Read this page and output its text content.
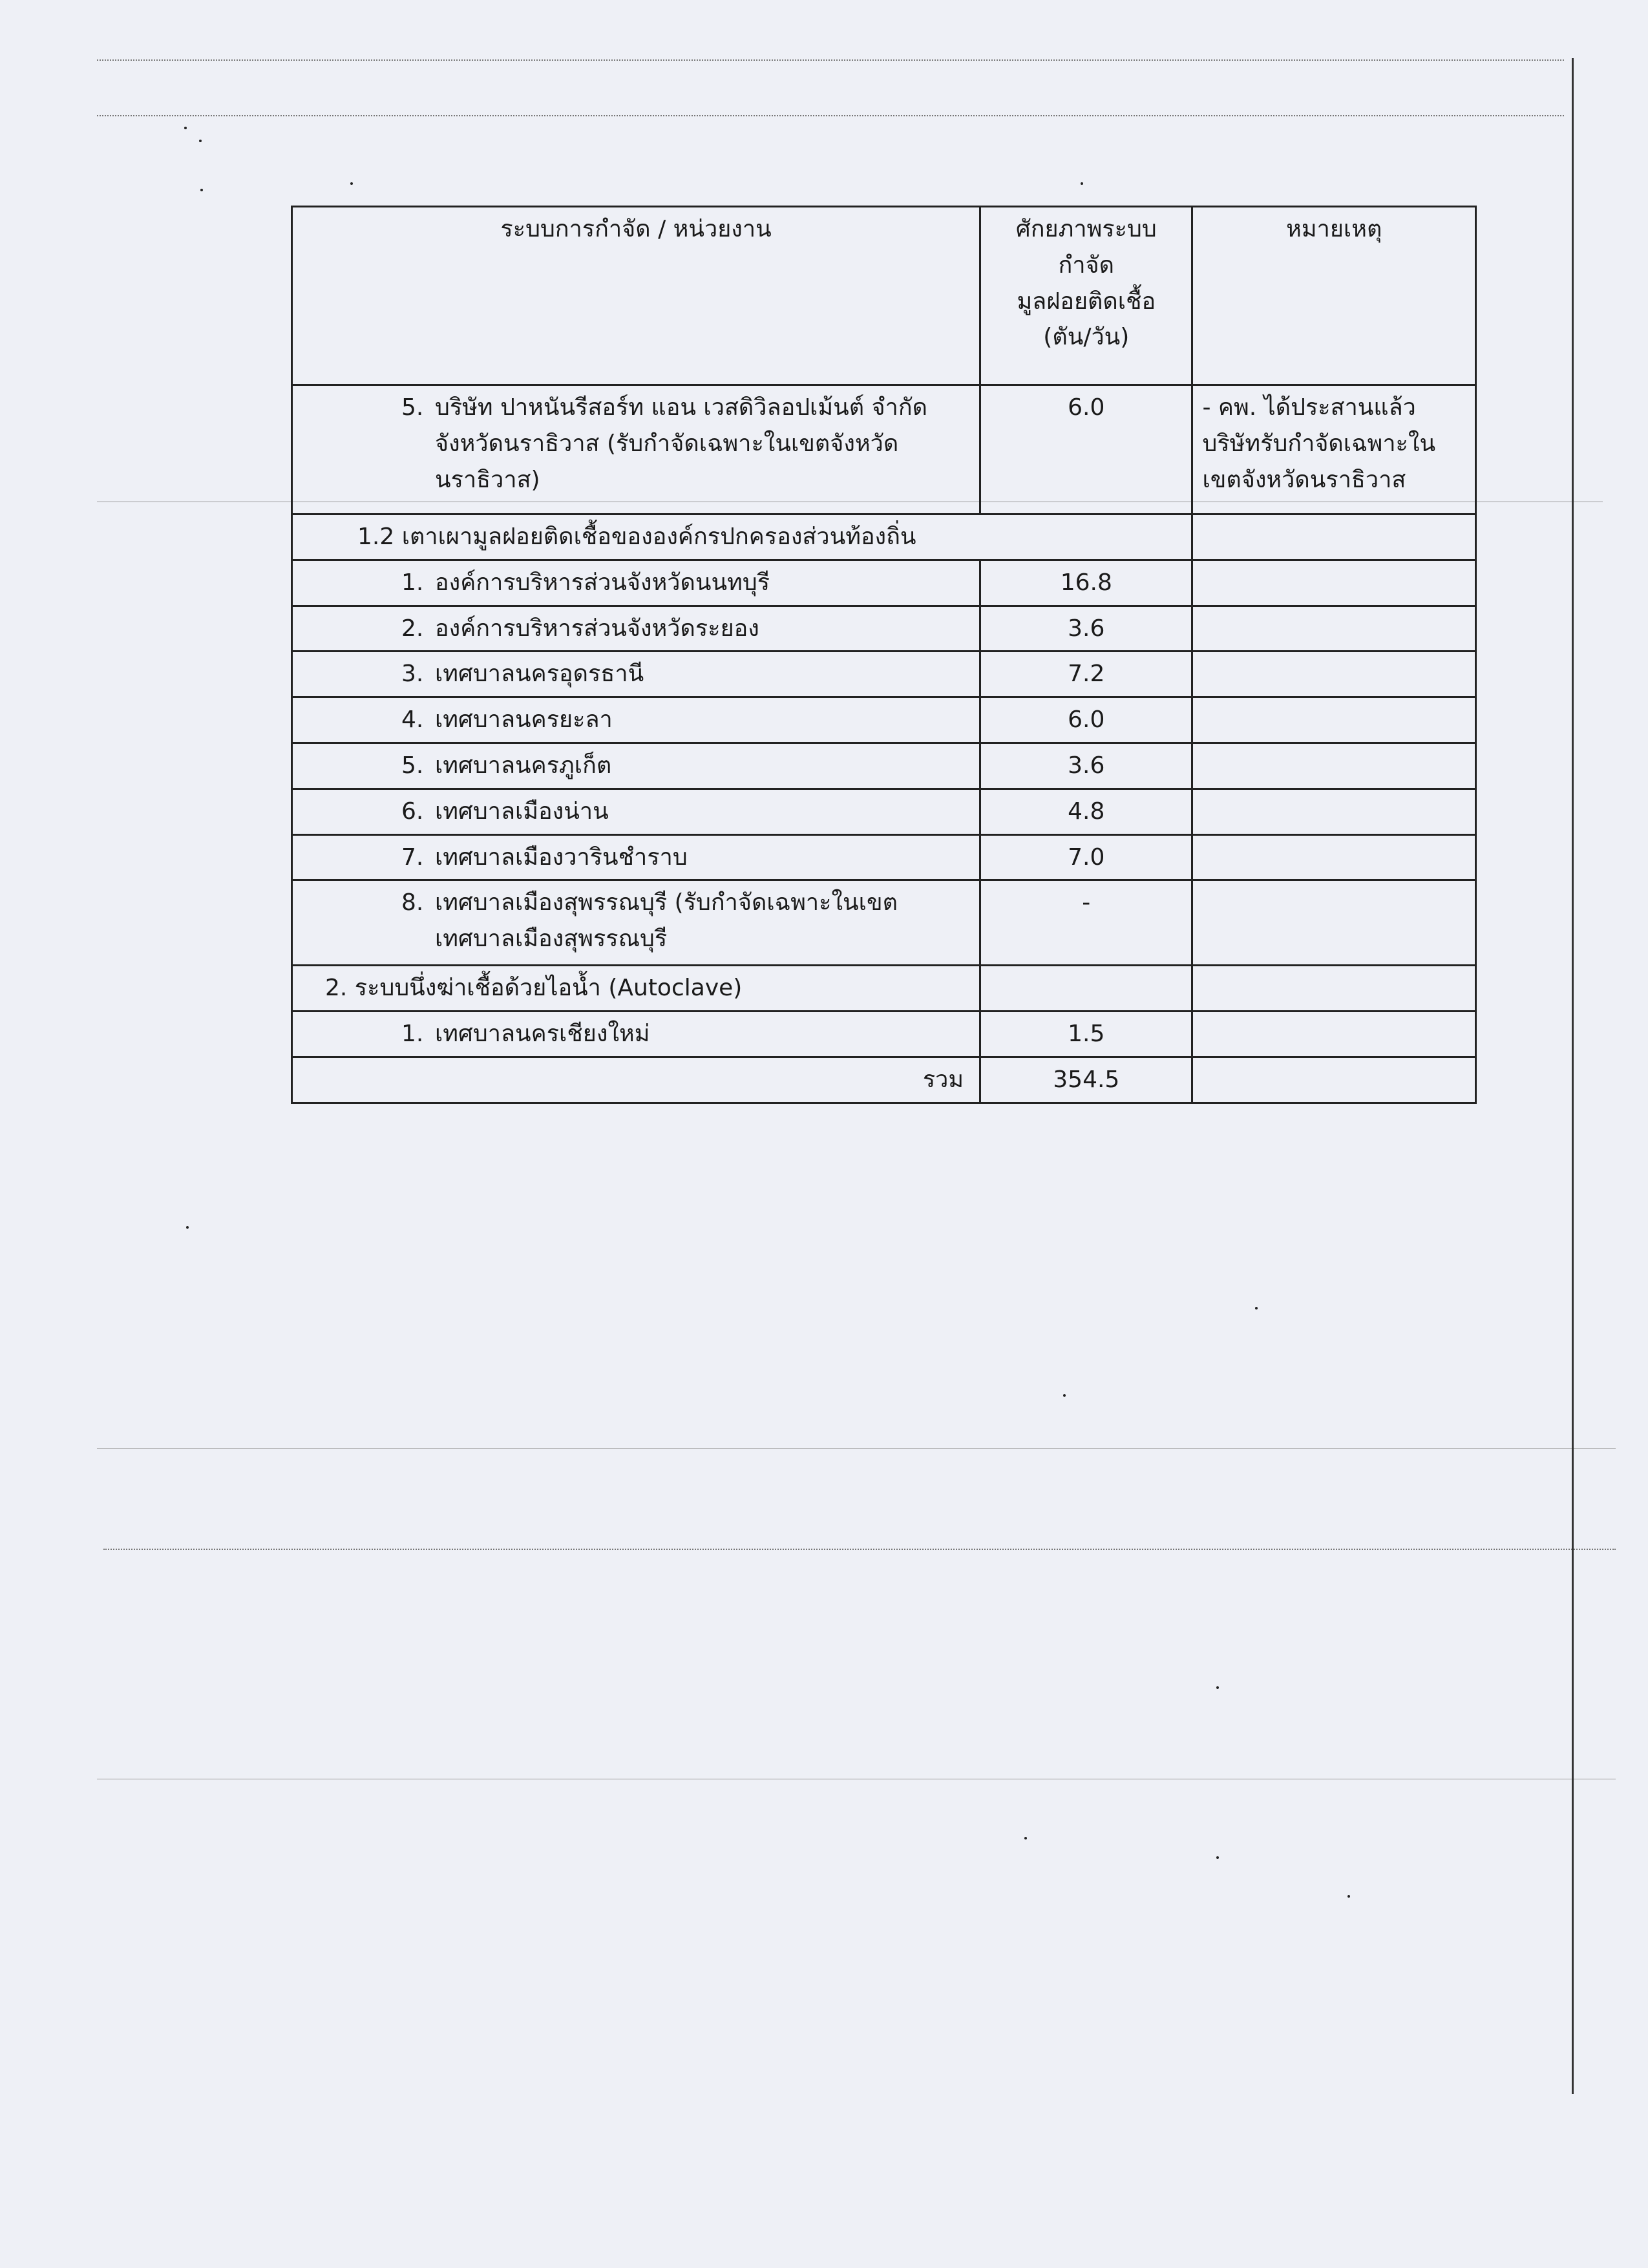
ระบบการกำจัด / หน่วยงาน	ศักยภาพระบบ
กำจัด
มูลฝอยติดเชื้อ
(ตัน/วัน)	หมายเหตุ

5. บริษัท ปาหนันรีสอร์ท แอน เวสดิวิลอปเม้นต์ จำกัด จังหวัดนราธิวาส (รับกำจัดเฉพาะในเขตจังหวัดนราธิวาส)	6.0	- คพ. ได้ประสานแล้ว
บริษัทรับกำจัดเฉพาะใน
เขตจังหวัดนราธิวาส

1.2 เตาเผามูลฝอยติดเชื้อขององค์กรปกครองส่วนท้องถิ่น		
1. องค์การบริหารส่วนจังหวัดนนทบุรี	16.8	
2. องค์การบริหารส่วนจังหวัดระยอง	3.6	
3. เทศบาลนครอุดรธานี	7.2	
4. เทศบาลนครยะลา	6.0	
5. เทศบาลนครภูเก็ต	3.6	
6. เทศบาลเมืองน่าน	4.8	
7. เทศบาลเมืองวารินชำราบ	7.0	

8. เทศบาลเมืองสุพรรณบุรี (รับกำจัดเฉพาะในเขตเทศบาลเมืองสุพรรณบุรี	-	
2. ระบบนึ่งฆ่าเชื้อด้วยไอน้ำ (Autoclave)		
1. เทศบาลนครเชียงใหม่	1.5	
รวม	354.5	
